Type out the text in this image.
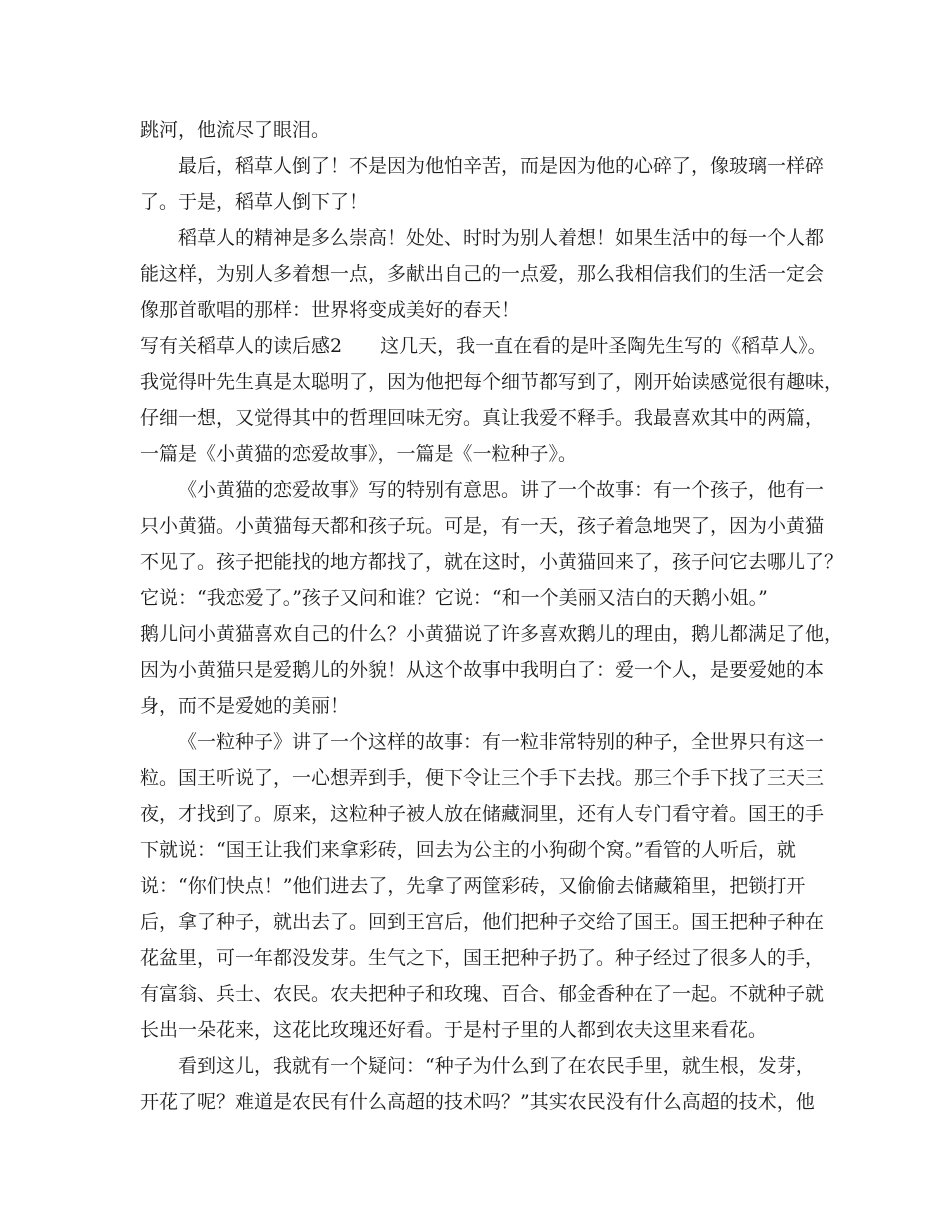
跳河，他流尽了眼泪。
最后，稻草人倒了！不是因为他怕辛苦，而是因为他的心碎了，像玻璃一样碎
了。于是，稻草人倒下了！
稻草人的精神是多么崇高！处处、时时为别人着想！如果生活中的每一个人都
能这样，为别人多着想一点，多献出自己的一点爱，那么我相信我们的生活一定会
像那首歌唱的那样：世界将变成美好的春天！
写有关稻草人的读后感2　　这几天，我一直在看的是叶圣陶先生写的《稻草人》。
我觉得叶先生真是太聪明了，因为他把每个细节都写到了，刚开始读感觉很有趣味，
仔细一想，又觉得其中的哲理回味无穷。真让我爱不释手。我最喜欢其中的两篇，
一篇是《小黄猫的恋爱故事》，一篇是《一粒种子》。
《小黄猫的恋爱故事》写的特别有意思。讲了一个故事：有一个孩子，他有一
只小黄猫。小黄猫每天都和孩子玩。可是，有一天，孩子着急地哭了，因为小黄猫
不见了。孩子把能找的地方都找了，就在这时，小黄猫回来了，孩子问它去哪儿了？
它说：“我恋爱了。”孩子又问和谁？它说：“和一个美丽又洁白的天鹅小姐。”
鹅儿问小黄猫喜欢自己的什么？小黄猫说了许多喜欢鹅儿的理由，鹅儿都满足了他，
因为小黄猫只是爱鹅儿的外貌！从这个故事中我明白了：爱一个人，是要爱她的本
身，而不是爱她的美丽！
《一粒种子》讲了一个这样的故事：有一粒非常特别的种子，全世界只有这一
粒。国王听说了，一心想弄到手，便下令让三个手下去找。那三个手下找了三天三
夜，才找到了。原来，这粒种子被人放在储藏洞里，还有人专门看守着。国王的手
下就说：“国王让我们来拿彩砖，回去为公主的小狗砌个窝。”看管的人听后，就
说：“你们快点！”他们进去了，先拿了两筐彩砖，又偷偷去储藏箱里，把锁打开
后，拿了种子，就出去了。回到王宫后，他们把种子交给了国王。国王把种子种在
花盆里，可一年都没发芽。生气之下，国王把种子扔了。种子经过了很多人的手，
有富翁、兵士、农民。农夫把种子和玫瑰、百合、郁金香种在了一起。不就种子就
长出一朵花来，这花比玫瑰还好看。于是村子里的人都到农夫这里来看花。
看到这儿，我就有一个疑问：“种子为什么到了在农民手里，就生根，发芽，
开花了呢？难道是农民有什么高超的技术吗？”其实农民没有什么高超的技术，他
